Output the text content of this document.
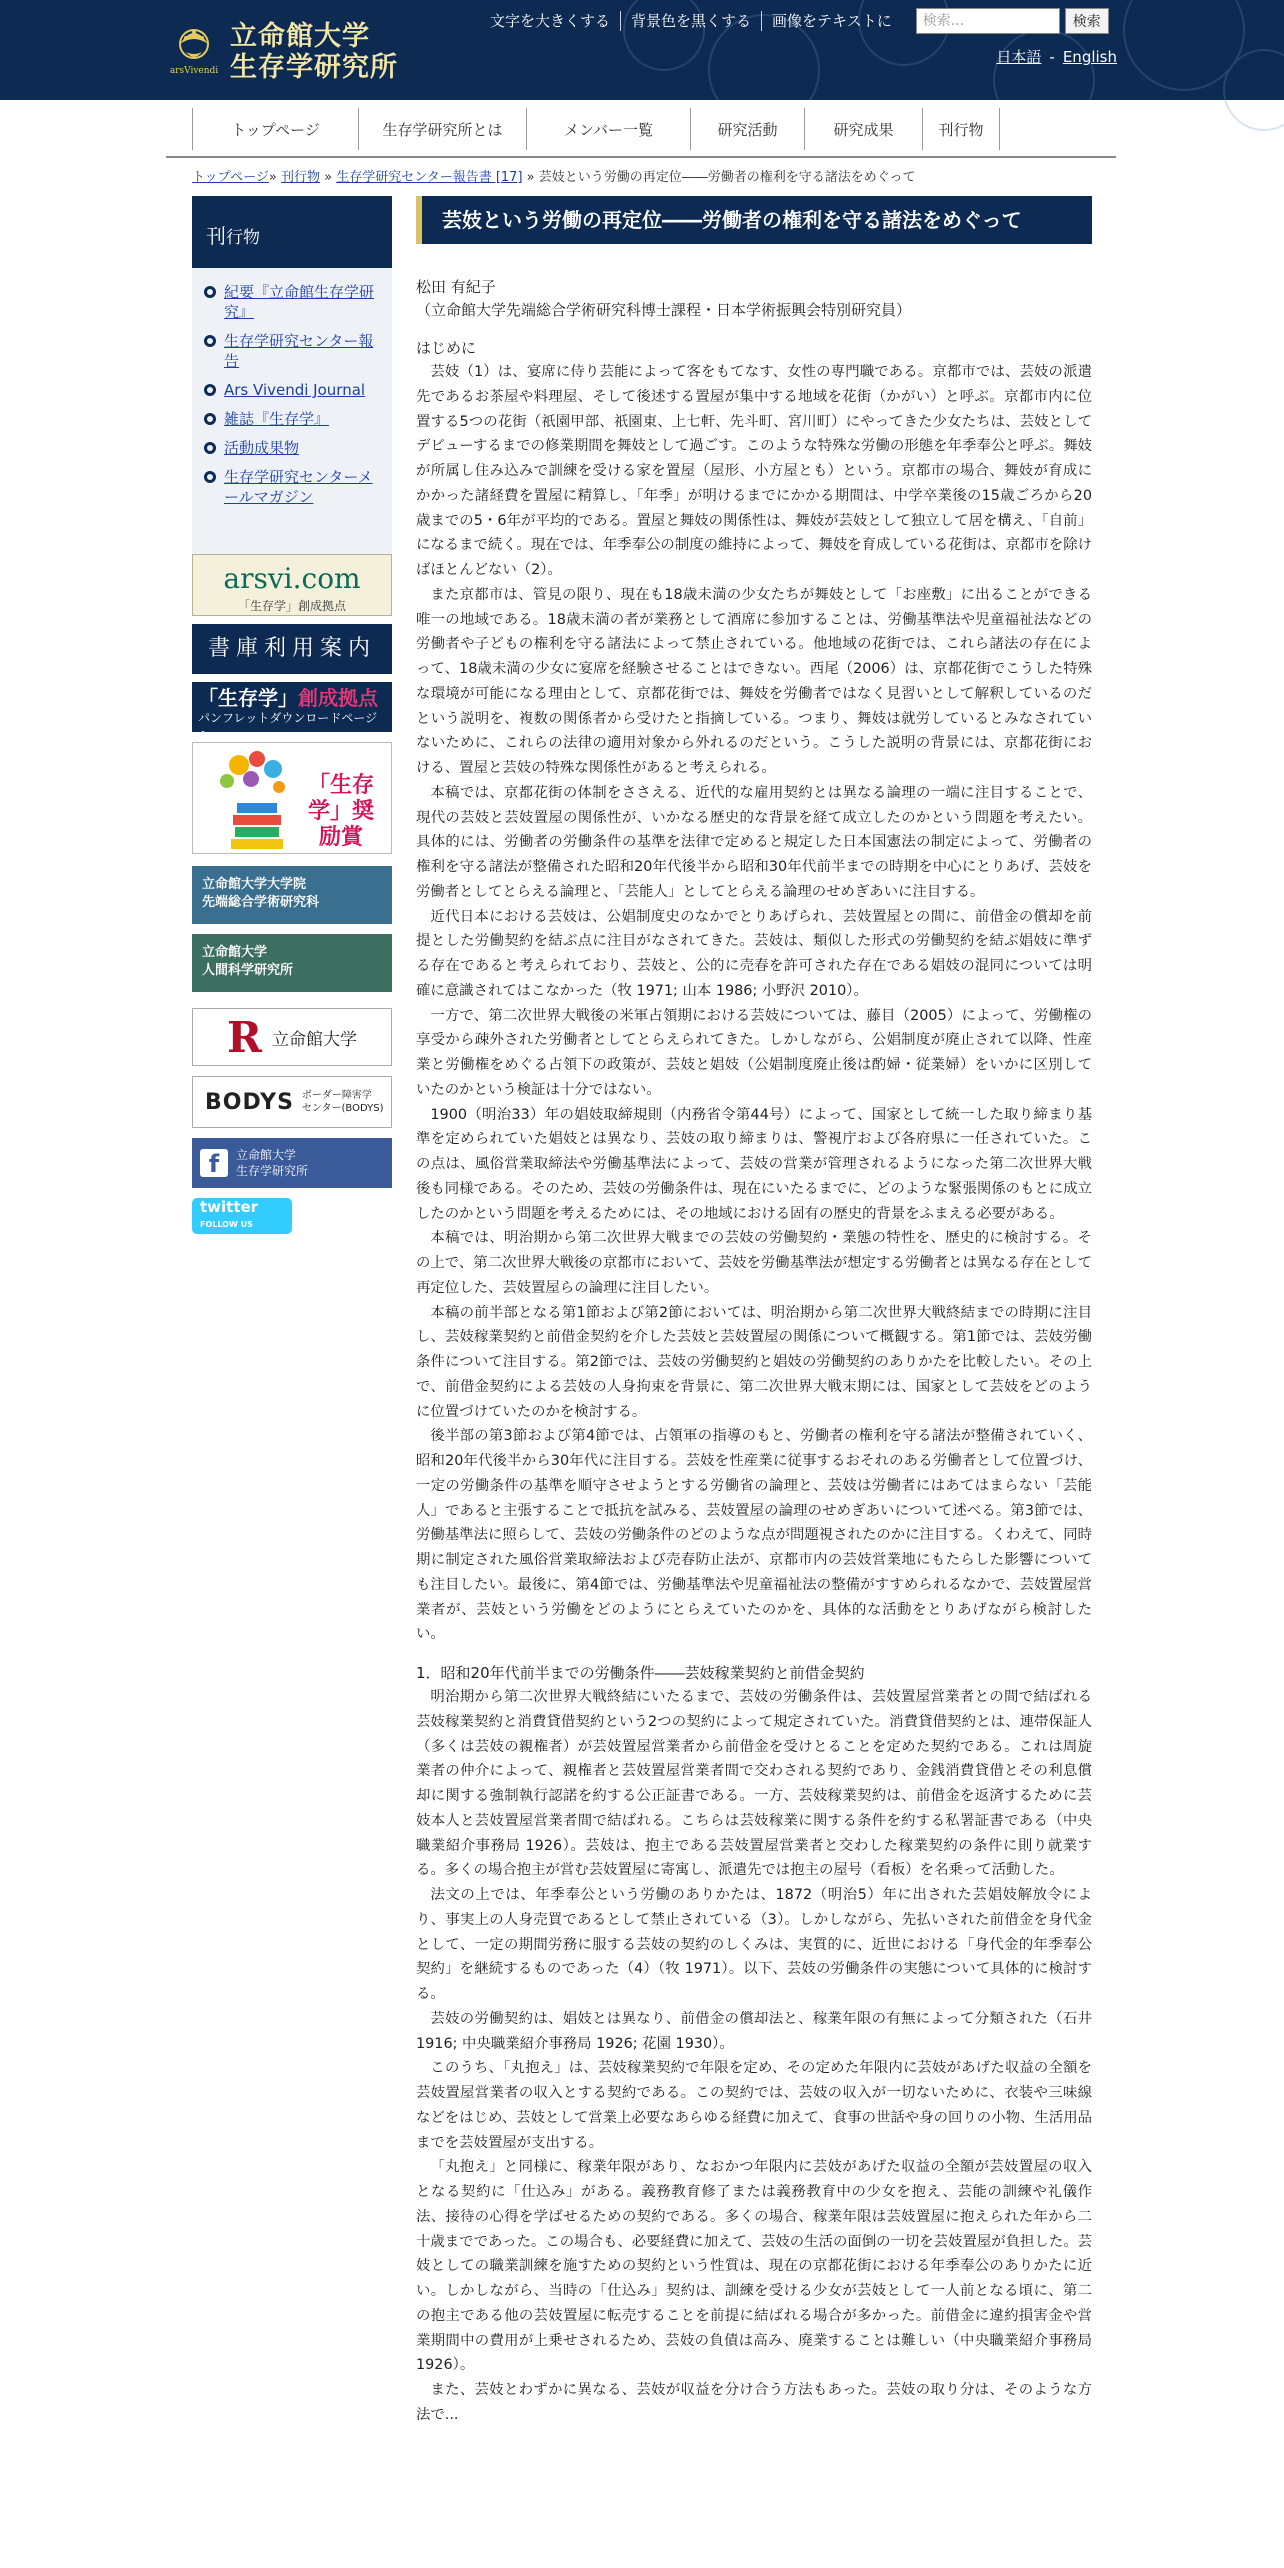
arsVivendi
立命館大学
生存学研究所
文字を大きくする	背景色を黒くする	画像をテキストに
検索...	検索
日本語 - English
トップページ	生存学研究所とは	メンバー一覧	研究活動	研究成果	刊行物
トップページ» 刊行物 » 生存学研究センター報告書 [17] » 芸妓という労働の再定位――労働者の権利を守る諸法をめぐって
刊行物
紀要『立命館生存学研究』
生存学研究センター報告
Ars Vivendi Journal
雑誌『生存学』
活動成果物
生存学研究センターメールマガジン
arsvi.com
「生存学」創成拠点
書庫利用案内
「生存学」創成拠点
パンフレットダウンロードページへ
「生存学」奨励賞
立命館大学大学院
先端総合学術研究科
立命館大学
人間科学研究所
R 立命館大学
BODYS ボーダー障害学
センター(BODYS)
f	立命館大学
生存学研究所
twitter
FOLLOW US
芸妓という労働の再定位――労働者の権利を守る諸法をめぐって
松田 有紀子
（立命館大学先端総合学術研究科博士課程・日本学術振興会特別研究員）
はじめに

芸妓（1）は、宴席に侍り芸能によって客をもてなす、女性の専門職である。京都市では、芸妓の派遣先であるお茶屋や料理屋、そして後述する置屋が集中する地域を花街（かがい）と呼ぶ。京都市内に位置する5つの花街（祇園甲部、祇園東、上七軒、先斗町、宮川町）にやってきた少女たちは、芸妓としてデビューするまでの修業期間を舞妓として過ごす。このような特殊な労働の形態を年季奉公と呼ぶ。舞妓が所属し住み込みで訓練を受ける家を置屋（屋形、小方屋とも）という。京都市の場合、舞妓が育成にかかった諸経費を置屋に精算し、「年季」が明けるまでにかかる期間は、中学卒業後の15歳ごろから20歳までの5・6年が平均的である。置屋と舞妓の関係性は、舞妓が芸妓として独立して居を構え、「自前」になるまで続く。現在では、年季奉公の制度の維持によって、舞妓を育成している花街は、京都市を除けばほとんどない（2）。

また京都市は、管見の限り、現在も18歳未満の少女たちが舞妓として「お座敷」に出ることができる唯一の地域である。18歳未満の者が業務として酒席に参加することは、労働基準法や児童福祉法などの労働者や子どもの権利を守る諸法によって禁止されている。他地域の花街では、これら諸法の存在によって、18歳未満の少女に宴席を経験させることはできない。西尾（2006）は、京都花街でこうした特殊な環境が可能になる理由として、京都花街では、舞妓を労働者ではなく見習いとして解釈しているのだという説明を、複数の関係者から受けたと指摘している。つまり、舞妓は就労しているとみなされていないために、これらの法律の適用対象から外れるのだという。こうした説明の背景には、京都花街における、置屋と芸妓の特殊な関係性があると考えられる。

本稿では、京都花街の体制をささえる、近代的な雇用契約とは異なる論理の一端に注目することで、現代の芸妓と芸妓置屋の関係性が、いかなる歴史的な背景を経て成立したのかという問題を考えたい。具体的には、労働者の労働条件の基準を法律で定めると規定した日本国憲法の制定によって、労働者の権利を守る諸法が整備された昭和20年代後半から昭和30年代前半までの時期を中心にとりあげ、芸妓を労働者としてとらえる論理と、「芸能人」としてとらえる論理のせめぎあいに注目する。

近代日本における芸妓は、公娼制度史のなかでとりあげられ、芸妓置屋との間に、前借金の償却を前提とした労働契約を結ぶ点に注目がなされてきた。芸妓は、類似した形式の労働契約を結ぶ娼妓に準ずる存在であると考えられており、芸妓と、公的に売春を許可された存在である娼妓の混同については明確に意識されてはこなかった（牧 1971; 山本 1986; 小野沢 2010）。

一方で、第二次世界大戦後の米軍占領期における芸妓については、藤目（2005）によって、労働権の享受から疎外された労働者としてとらえられてきた。しかしながら、公娼制度が廃止されて以降、性産業と労働権をめぐる占領下の政策が、芸妓と娼妓（公娼制度廃止後は酌婦・従業婦）をいかに区別していたのかという検証は十分ではない。

1900（明治33）年の娼妓取締規則（内務省令第44号）によって、国家として統一した取り締まり基準を定められていた娼妓とは異なり、芸妓の取り締まりは、警視庁および各府県に一任されていた。この点は、風俗営業取締法や労働基準法によって、芸妓の営業が管理されるようになった第二次世界大戦後も同様である。そのため、芸妓の労働条件は、現在にいたるまでに、どのような緊張関係のもとに成立したのかという問題を考えるためには、その地域における固有の歴史的背景をふまえる必要がある。

本稿では、明治期から第二次世界大戦までの芸妓の労働契約・業態の特性を、歴史的に検討する。その上で、第二次世界大戦後の京都市において、芸妓を労働基準法が想定する労働者とは異なる存在として再定位した、芸妓置屋らの論理に注目したい。

本稿の前半部となる第1節および第2節においては、明治期から第二次世界大戦終結までの時期に注目し、芸妓稼業契約と前借金契約を介した芸妓と芸妓置屋の関係について概観する。第1節では、芸妓労働条件について注目する。第2節では、芸妓の労働契約と娼妓の労働契約のありかたを比較したい。その上で、前借金契約による芸妓の人身拘束を背景に、第二次世界大戦末期には、国家として芸妓をどのように位置づけていたのかを検討する。

後半部の第3節および第4節では、占領軍の指導のもと、労働者の権利を守る諸法が整備されていく、昭和20年代後半から30年代に注目する。芸妓を性産業に従事するおそれのある労働者として位置づけ、一定の労働条件の基準を順守させようとする労働省の論理と、芸妓は労働者にはあてはまらない「芸能人」であると主張することで抵抗を試みる、芸妓置屋の論理のせめぎあいについて述べる。第3節では、労働基準法に照らして、芸妓の労働条件のどのような点が問題視されたのかに注目する。くわえて、同時期に制定された風俗営業取締法および売春防止法が、京都市内の芸妓営業地にもたらした影響についても注目したい。最後に、第4節では、労働基準法や児童福祉法の整備がすすめられるなかで、芸妓置屋営業者が、芸妓という労働をどのようにとらえていたのかを、具体的な活動をとりあげながら検討したい。

1．昭和20年代前半までの労働条件――芸妓稼業契約と前借金契約

明治期から第二次世界大戦終結にいたるまで、芸妓の労働条件は、芸妓置屋営業者との間で結ばれる芸妓稼業契約と消費貸借契約という2つの契約によって規定されていた。消費貸借契約とは、連帯保証人（多くは芸妓の親権者）が芸妓置屋営業者から前借金を受けとることを定めた契約である。これは周旋業者の仲介によって、親権者と芸妓置屋営業者間で交わされる契約であり、金銭消費貸借とその利息償却に関する強制執行認諾を約する公正証書である。一方、芸妓稼業契約は、前借金を返済するために芸妓本人と芸妓置屋営業者間で結ばれる。こちらは芸妓稼業に関する条件を約する私署証書である（中央職業紹介事務局 1926）。芸妓は、抱主である芸妓置屋営業者と交わした稼業契約の条件に則り就業する。多くの場合抱主が営む芸妓置屋に寄寓し、派遣先では抱主の屋号（看板）を名乗って活動した。

法文の上では、年季奉公という労働のありかたは、1872（明治5）年に出された芸娼妓解放令により、事実上の人身売買であるとして禁止されている（3）。しかしながら、先払いされた前借金を身代金として、一定の期間労務に服する芸妓の契約のしくみは、実質的に、近世における「身代金的年季奉公契約」を継続するものであった（4）（牧 1971）。以下、芸妓の労働条件の実態について具体的に検討する。

芸妓の労働契約は、娼妓とは異なり、前借金の償却法と、稼業年限の有無によって分類された（石井 1916; 中央職業紹介事務局 1926; 花園 1930）。

このうち、「丸抱え」は、芸妓稼業契約で年限を定め、その定めた年限内に芸妓があげた収益の全額を芸妓置屋営業者の収入とする契約である。この契約では、芸妓の収入が一切ないために、衣装や三味線などをはじめ、芸妓として営業上必要なあらゆる経費に加えて、食事の世話や身の回りの小物、生活用品までを芸妓置屋が支出する。

「丸抱え」と同様に、稼業年限があり、なおかつ年限内に芸妓があげた収益の全額が芸妓置屋の収入となる契約に「仕込み」がある。義務教育修了または義務教育中の少女を抱え、芸能の訓練や礼儀作法、接待の心得を学ばせるための契約である。多くの場合、稼業年限は芸妓置屋に抱えられた年から二十歳までであった。この場合も、必要経費に加えて、芸妓の生活の面倒の一切を芸妓置屋が負担した。芸妓としての職業訓練を施すための契約という性質は、現在の京都花街における年季奉公のありかたに近い。しかしながら、当時の「仕込み」契約は、訓練を受ける少女が芸妓として一人前となる頃に、第二の抱主である他の芸妓置屋に転売することを前提に結ばれる場合が多かった。前借金に違約損害金や営業期間中の費用が上乗せされるため、芸妓の負債は高み、廃業することは難しい（中央職業紹介事務局 1926）。

また、芸妓とわずかに異なる、芸妓が収益を分け合う方法もあった。芸妓の取り分は、そのような方法で...
